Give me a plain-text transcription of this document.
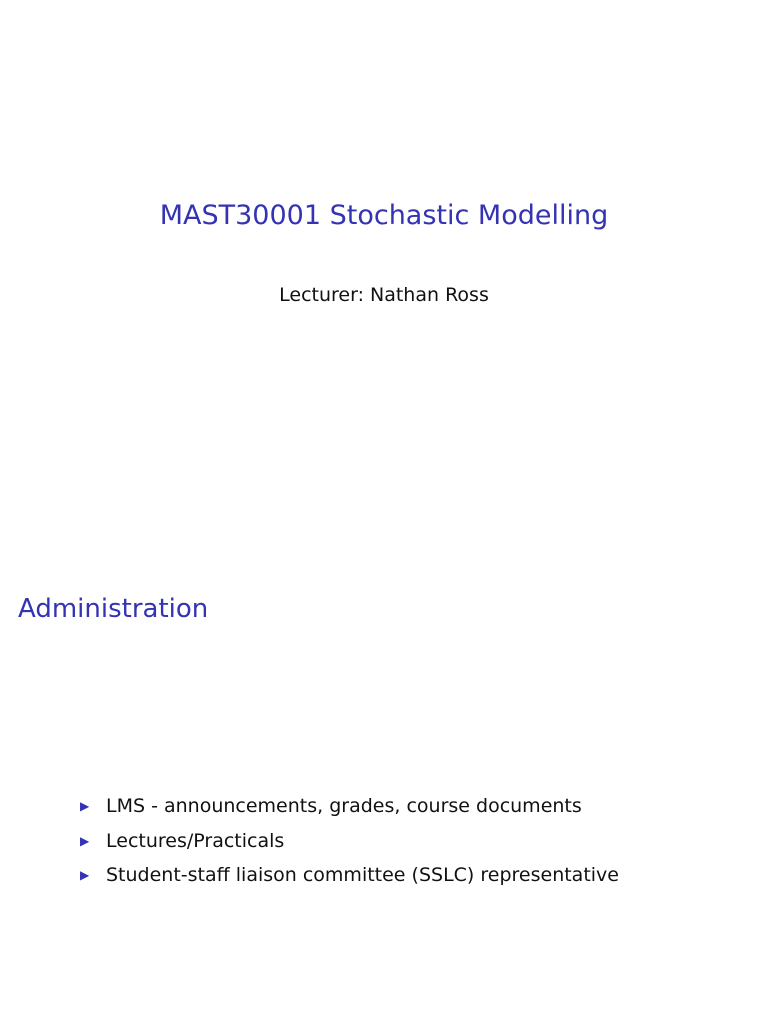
MAST30001 Stochastic Modelling
Lecturer: Nathan Ross
Administration
▶ LMS - announcements, grades, course documents
▶ Lectures/Practicals
▶ Student-staff liaison committee (SSLC) representative
